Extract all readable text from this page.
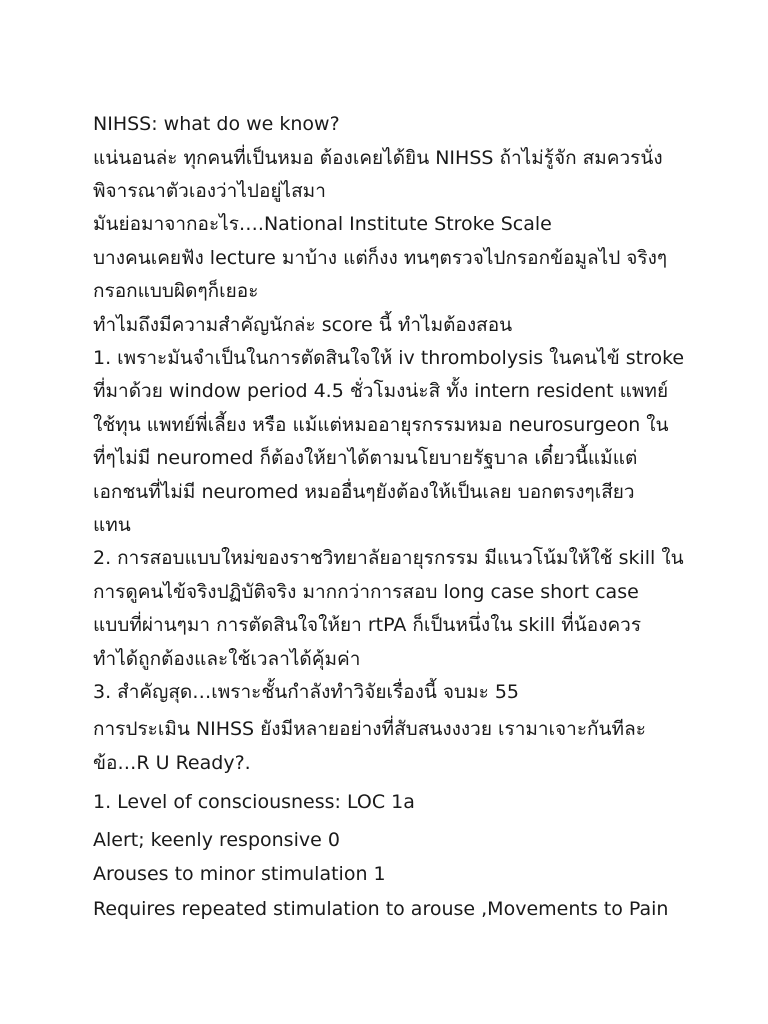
NIHSS: what do we know?
แน่นอนล่ะ ทุกคนที่เป็นหมอ ต้องเคยได้ยิน NIHSS ถ้าไม่รู้จัก สมควรนั่ง
พิจารณาตัวเองว่าไปอยู่ไสมา
มันย่อมาจากอะไร….National Institute Stroke Scale
บางคนเคยฟัง lecture มาบ้าง แต่ก็งง ทนๆตรวจไปกรอกข้อมูลไป จริงๆ
กรอกแบบผิดๆก็เยอะ
ทำไมถึงมีความสำคัญนักล่ะ score นี้ ทำไมต้องสอน
1. เพราะมันจำเป็นในการตัดสินใจให้ iv thrombolysis ในคนไข้ stroke
ที่มาด้วย window period 4.5 ชั่วโมงน่ะสิ ทั้ง intern resident แพทย์
ใช้ทุน แพทย์พี่เลี้ยง หรือ แม้แต่หมออายุรกรรมหมอ neurosurgeon ใน
ที่ๆไม่มี neuromed ก็ต้องให้ยาได้ตามนโยบายรัฐบาล เดี๋ยวนี้แม้แต่
เอกชนที่ไม่มี neuromed หมออื่นๆยังต้องให้เป็นเลย บอกตรงๆเสียว
แทน
2. การสอบแบบใหม่ของราชวิทยาลัยอายุรกรรม มีแนวโน้มให้ใช้ skill ใน
การดูคนไข้จริงปฏิบัติจริง มากกว่าการสอบ long case short case
แบบที่ผ่านๆมา การตัดสินใจให้ยา rtPA ก็เป็นหนึ่งใน skill ที่น้องควร
ทำได้ถูกต้องและใช้เวลาได้คุ้มค่า
3. สำคัญสุด…เพราะชั้นกำลังทำวิจัยเรื่องนี้ จบมะ 55
การประเมิน NIHSS ยังมีหลายอย่างที่สับสนงงงวย เรามาเจาะกันทีละ
ข้อ…R U Ready?.
1. Level of consciousness: LOC 1a
Alert; keenly responsive 0
Arouses to minor stimulation 1
Requires repeated stimulation to arouse ,Movements to Pain
